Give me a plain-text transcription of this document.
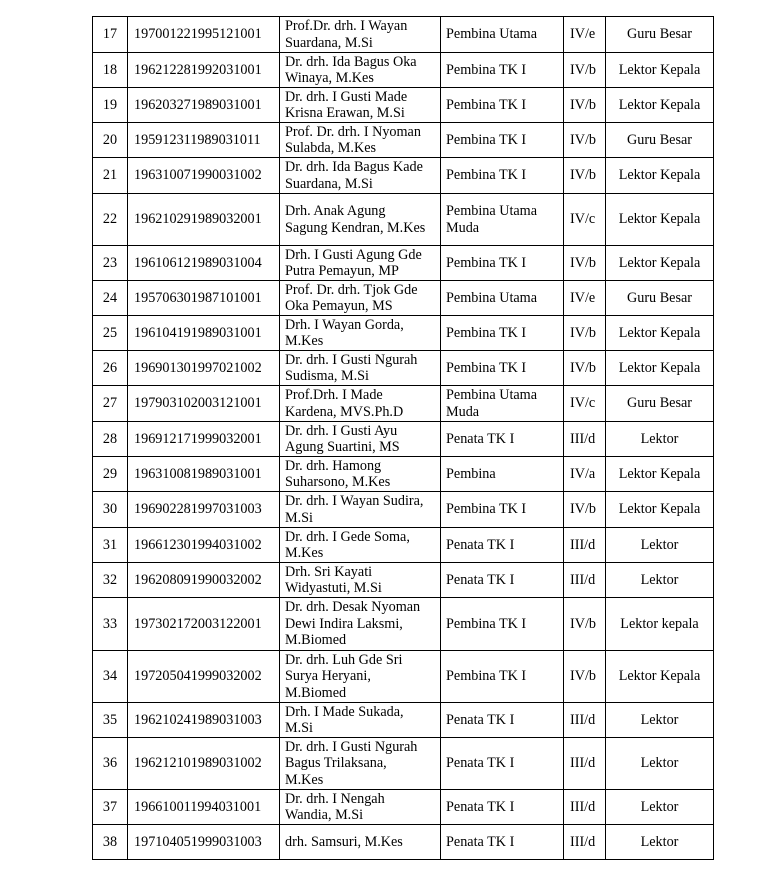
17	197001221995121001	Prof.Dr. drh. I Wayan
Suardana, M.Si	Pembina Utama	IV/e	Guru Besar
18	196212281992031001	Dr. drh. Ida Bagus Oka
Winaya, M.Kes	Pembina TK I	IV/b	Lektor Kepala
19	196203271989031001	Dr. drh. I Gusti Made
Krisna Erawan, M.Si	Pembina TK I	IV/b	Lektor Kepala
20	195912311989031011	Prof. Dr. drh. I Nyoman
Sulabda, M.Kes	Pembina TK I	IV/b	Guru Besar
21	196310071990031002	Dr. drh. Ida Bagus Kade
Suardana, M.Si	Pembina TK I	IV/b	Lektor Kepala
22	196210291989032001	Drh. Anak Agung
Sagung Kendran, M.Kes	Pembina Utama
Muda	IV/c	Lektor Kepala
23	196106121989031004	Drh. I Gusti Agung Gde
Putra Pemayun, MP	Pembina TK I	IV/b	Lektor Kepala
24	195706301987101001	Prof. Dr. drh. Tjok Gde
Oka Pemayun, MS	Pembina Utama	IV/e	Guru Besar
25	196104191989031001	Drh. I Wayan Gorda,
M.Kes	Pembina TK I	IV/b	Lektor Kepala
26	196901301997021002	Dr. drh. I Gusti Ngurah
Sudisma, M.Si	Pembina TK I	IV/b	Lektor Kepala
27	197903102003121001	Prof.Drh. I Made
Kardena, MVS.Ph.D	Pembina Utama
Muda	IV/c	Guru Besar
28	196912171999032001	Dr. drh. I Gusti Ayu
Agung Suartini, MS	Penata TK I	III/d	Lektor
29	196310081989031001	Dr. drh. Hamong
Suharsono, M.Kes	Pembina	IV/a	Lektor Kepala
30	196902281997031003	Dr. drh. I Wayan Sudira,
M.Si	Pembina TK I	IV/b	Lektor Kepala
31	196612301994031002	Dr. drh. I Gede Soma,
M.Kes	Penata TK I	III/d	Lektor
32	196208091990032002	Drh. Sri Kayati
Widyastuti, M.Si	Penata TK I	III/d	Lektor
33	197302172003122001	Dr. drh. Desak Nyoman
Dewi Indira Laksmi,
M.Biomed	Pembina TK I	IV/b	Lektor kepala
34	197205041999032002	Dr. drh. Luh Gde Sri
Surya Heryani,
M.Biomed	Pembina TK I	IV/b	Lektor Kepala
35	196210241989031003	Drh. I Made Sukada,
M.Si	Penata TK I	III/d	Lektor
36	196212101989031002	Dr. drh. I Gusti Ngurah
Bagus Trilaksana,
M.Kes	Penata TK I	III/d	Lektor
37	196610011994031001	Dr. drh. I Nengah
Wandia, M.Si	Penata TK I	III/d	Lektor
38	197104051999031003	drh. Samsuri, M.Kes	Penata TK I	III/d	Lektor
